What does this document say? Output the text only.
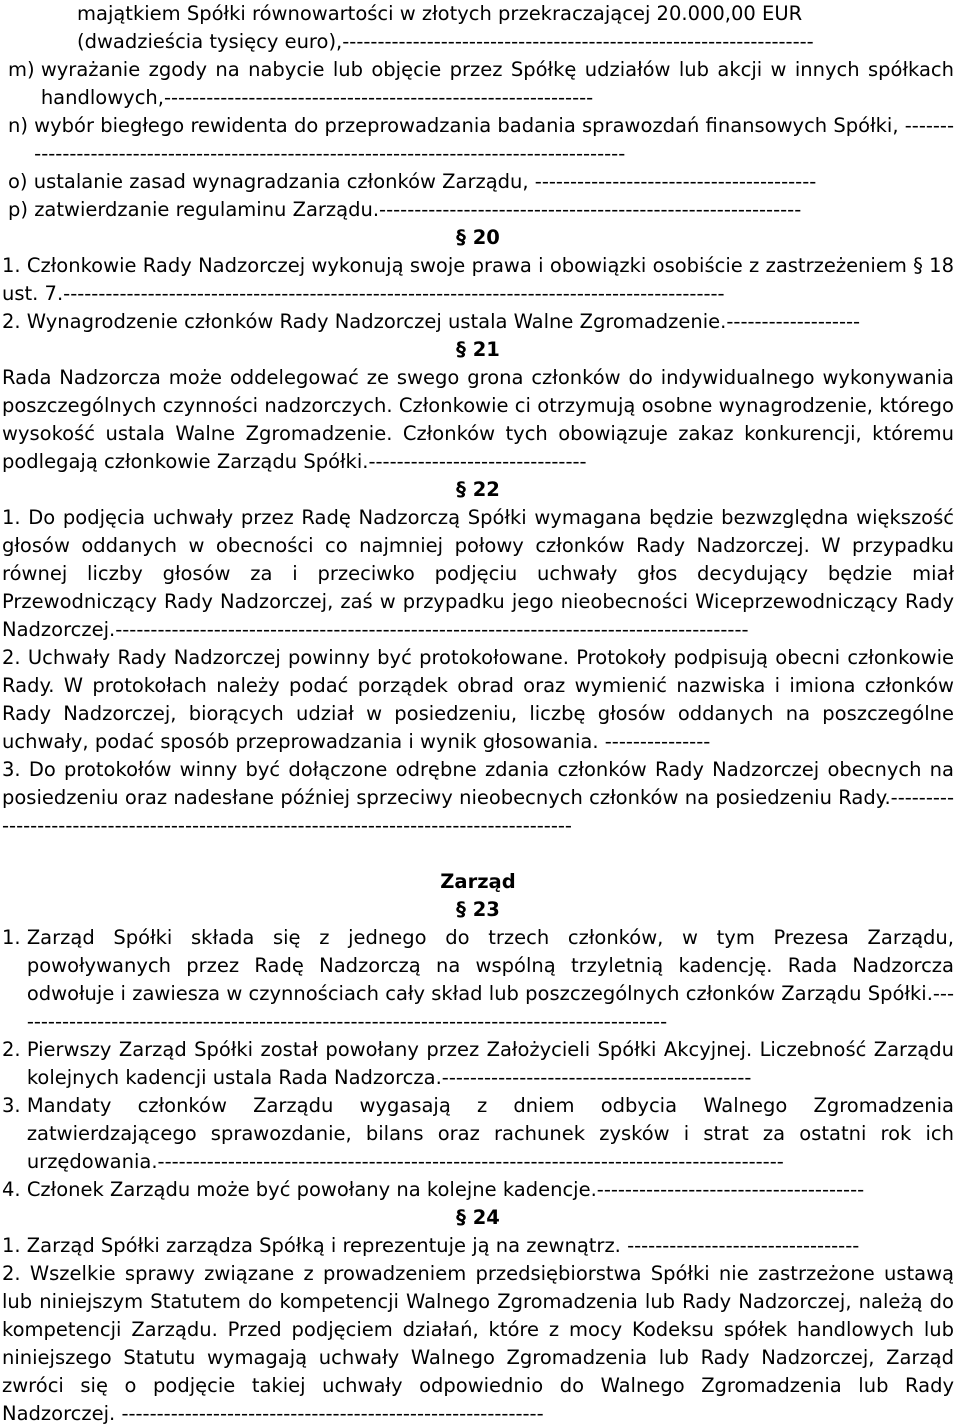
majątkiem Spółki równowartości w złotych przekraczającej 20.000,00 EUR

(dwadzieścia tysięcy euro),-------------------------------------------------------------------

m) wyrażanie zgody na nabycie lub objęcie przez Spółkę udziałów lub akcji w innych spółkach handlowych,-------------------------------------------------------------
n) wybór biegłego rewidenta do przeprowadzania badania sprawozdań finansowych Spółki, -------------------------------------------------------------------------------------------
o) ustalanie zasad wynagradzania członków Zarządu, ----------------------------------------
p) zatwierdzanie regulaminu Zarządu.------------------------------------------------------------

§ 20

1. Członkowie Rady Nadzorczej wykonują swoje prawa i obowiązki osobiście z zastrzeżeniem § 18 ust. 7.----------------------------------------------------------------------------------------------

2. Wynagrodzenie członków Rady Nadzorczej ustala Walne Zgromadzenie.-------------------

§ 21

Rada Nadzorcza może oddelegować ze swego grona członków do indywidualnego wykonywania poszczególnych czynności nadzorczych. Członkowie ci otrzymują osobne wynagrodzenie, którego wysokość ustala Walne Zgromadzenie. Członków tych obowiązuje zakaz konkurencji, któremu podlegają członkowie Zarządu Spółki.-------------------------------

§ 22

1. Do podjęcia uchwały przez Radę Nadzorczą Spółki wymagana będzie bezwzględna większość głosów oddanych w obecności co najmniej połowy członków Rady Nadzorczej. W przypadku równej liczby głosów za i przeciwko podjęciu uchwały głos decydujący będzie miał Przewodniczący Rady Nadzorczej, zaś w przypadku jego nieobecności Wiceprzewodniczący Rady Nadzorczej.------------------------------------------------------------------------------------------

2. Uchwały Rady Nadzorczej powinny być protokołowane. Protokoły podpisują obecni członkowie Rady. W protokołach należy podać porządek obrad oraz wymienić nazwiska i imiona członków Rady Nadzorczej, biorących udział w posiedzeniu, liczbę głosów oddanych na poszczególne uchwały, podać sposób przeprowadzania i wynik głosowania. ---------------

3. Do protokołów winny być dołączone odrębne zdania członków Rady Nadzorczej obecnych na posiedzeniu oraz nadesłane później sprzeciwy nieobecnych członków na posiedzeniu Rady.------------------------------------------------------------------------------------------

Zarząd

§ 23

1. Zarząd Spółki składa się z jednego do trzech członków, w tym Prezesa Zarządu, powoływanych przez Radę Nadzorczą na wspólną trzyletnią kadencję. Rada Nadzorcza odwołuje i zawiesza w czynnościach cały skład lub poszczególnych członków Zarządu Spółki.----------------------------------------------------------------------------------------------
2. Pierwszy Zarząd Spółki został powołany przez Założycieli Spółki Akcyjnej. Liczebność Zarządu kolejnych kadencji ustala Rada Nadzorcza.--------------------------------------------
3. Mandaty członków Zarządu wygasają z dniem odbycia Walnego Zgromadzenia zatwierdzającego sprawozdanie, bilans oraz rachunek zysków i strat za ostatni rok ich urzędowania.-----------------------------------------------------------------------------------------
4. Członek Zarządu może być powołany na kolejne kadencje.--------------------------------------

§ 24

1. Zarząd Spółki zarządza Spółką i reprezentuje ją na zewnątrz. ---------------------------------

2. Wszelkie sprawy związane z prowadzeniem przedsiębiorstwa Spółki nie zastrzeżone ustawą lub niniejszym Statutem do kompetencji Walnego Zgromadzenia lub Rady Nadzorczej, należą do kompetencji Zarządu. Przed podjęciem działań, które z mocy Kodeksu spółek handlowych lub niniejszego Statutu wymagają uchwały Walnego Zgromadzenia lub Rady Nadzorczej, Zarząd zwróci się o podjęcie takiej uchwały odpowiednio do Walnego Zgromadzenia lub Rady Nadzorczej. ------------------------------------------------------------
